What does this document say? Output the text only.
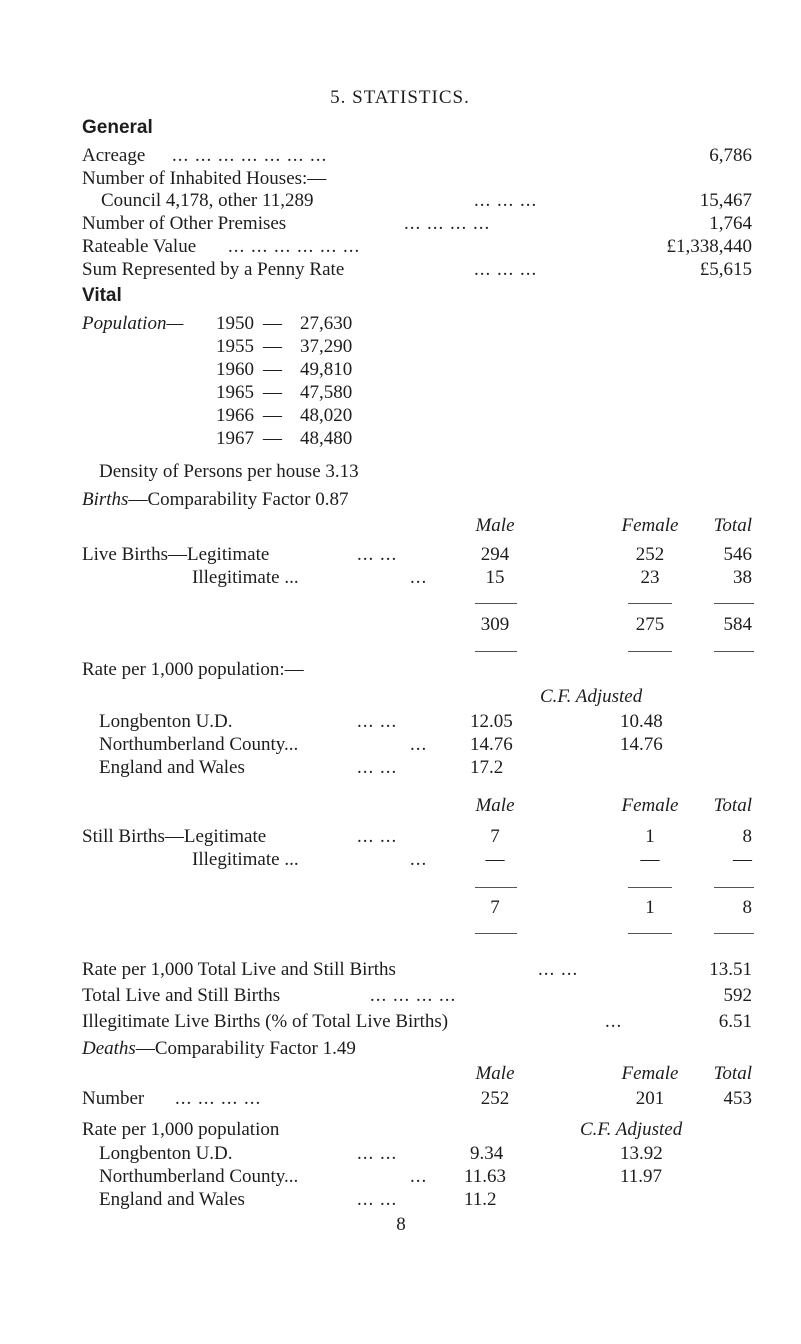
5. STATISTICS.
General
Acreage ... ... ... ... ... ... ...	6,786
Number of Inhabited Houses:—
Council 4,178, other 11,289	... ... ...	15,467
Number of Other Premises	... ... ... ...	1,764
Rateable Value ... ... ... ... ... ...	£1,338,440
Sum Represented by a Penny Rate	... ... ...	£5,615
Vital
Population— 1950 — 27,630
1955 — 37,290
1960 — 49,810
1965 — 47,580
1966 — 48,020
1967 — 48,480
Density of Persons per house 3.13
Births—Comparability Factor 0.87
Male	Female	Total
Live Births—Legitimate	... ...	294	252	546
Illegitimate ...	...	15	23	38
309	275	584
Rate per 1,000 population:—
C.F. Adjusted
Longbenton U.D.	... ...	12.05	10.48
Northumberland County...	... 14.76	14.76
England and Wales	... ...	17.2
Male	Female	Total
Still Births—Legitimate	... ...	7	1	8
Illegitimate ...	...	—	—	—
7	1	8
Rate per 1,000 Total Live and Still Births	... ...	13.51
Total Live and Still Births	... ... ... ...	592
Illegitimate Live Births (% of Total Live Births)	...	6.51
Deaths—Comparability Factor 1.49
Male	Female	Total
Number ... ... ... ...	252	201	453
Rate per 1,000 population	C.F. Adjusted
Longbenton U.D.	... ...	9.34	13.92
Northumberland County...	... 11.63	11.97
England and Wales	... ...	11.2
8
